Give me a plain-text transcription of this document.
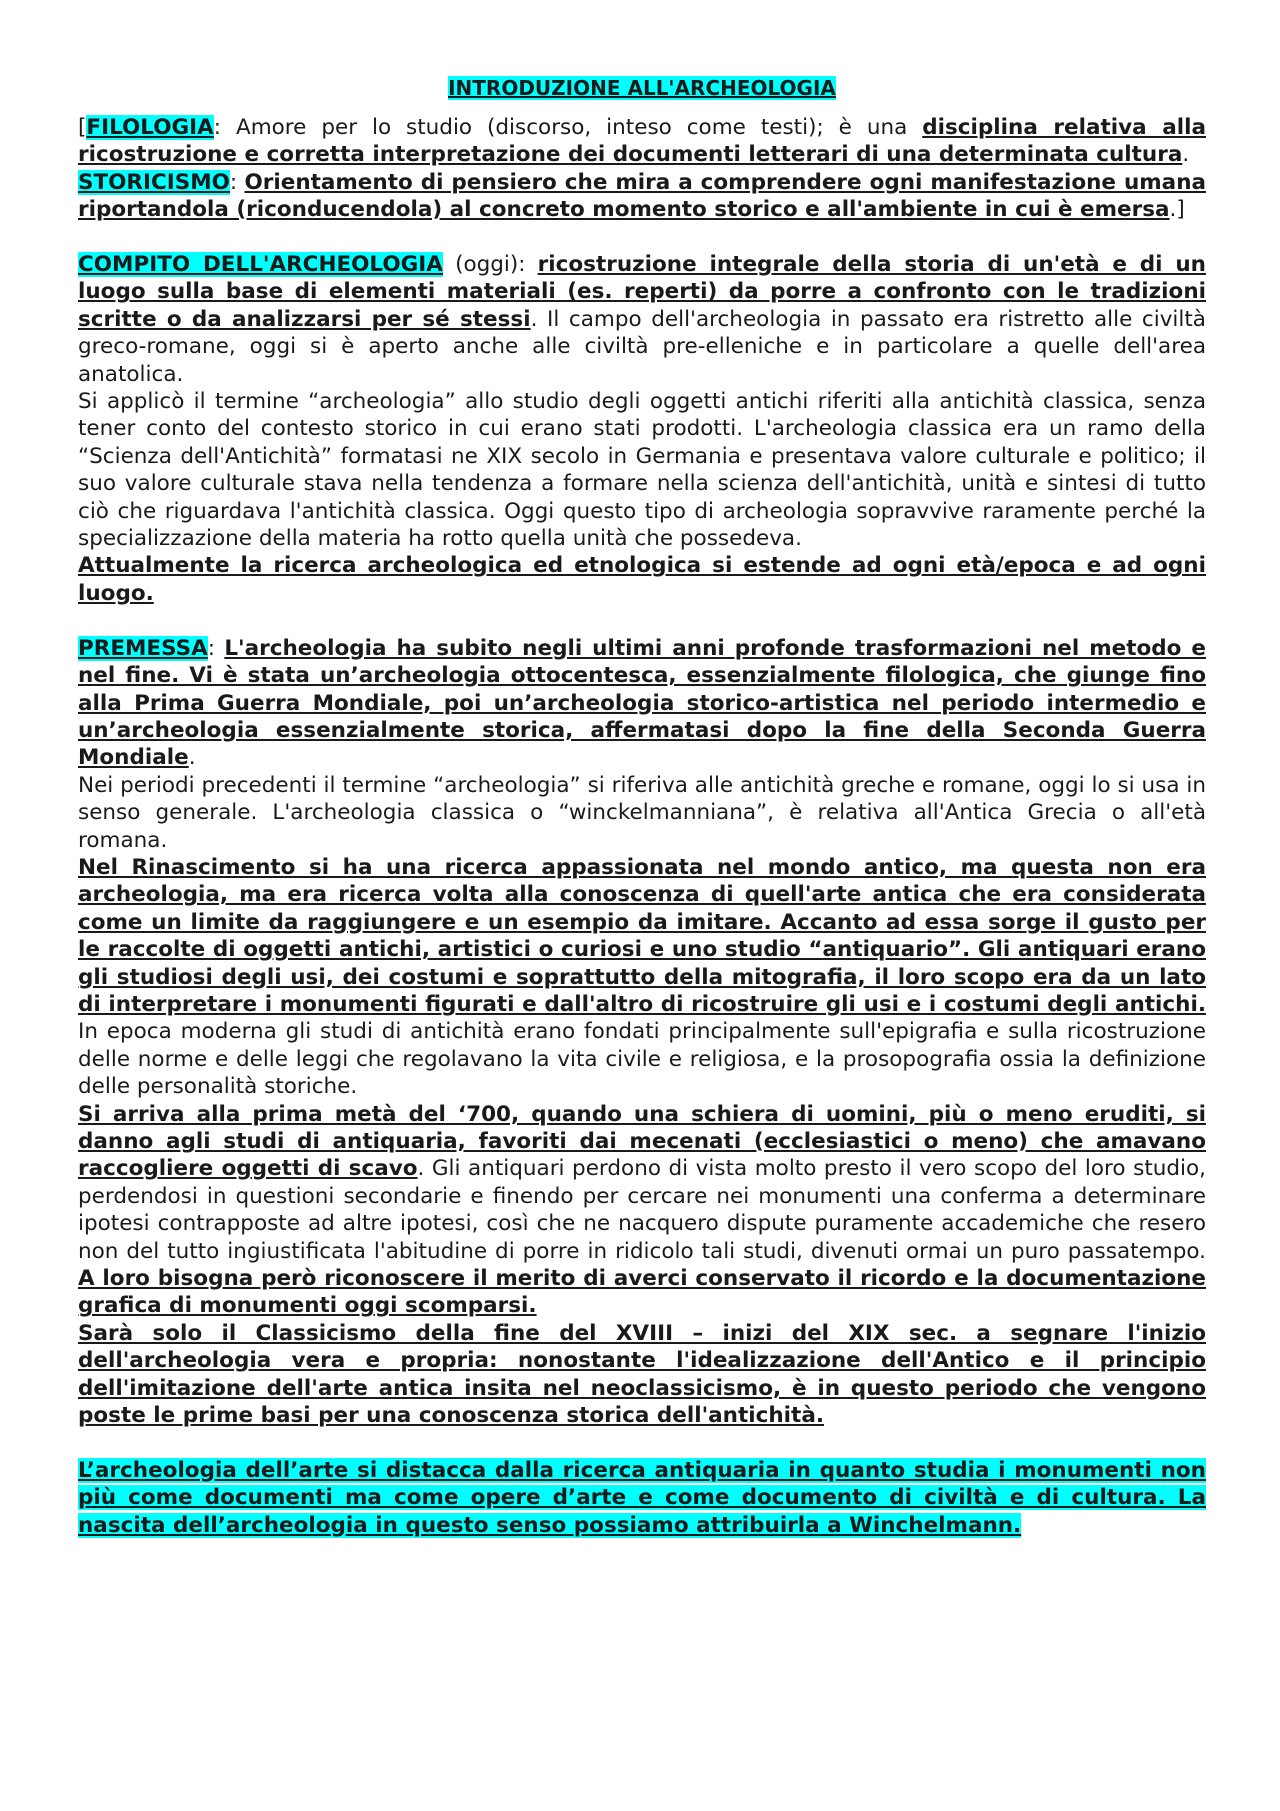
INTRODUZIONE ALL'ARCHEOLOGIA

[FILOLOGIA: Amore per lo studio (discorso, inteso come testi); è una disciplina relativa alla ricostruzione e corretta interpretazione dei documenti letterari di una determinata cultura.

STORICISMO: Orientamento di pensiero che mira a comprendere ogni manifestazione umana riportandola (riconducendola) al concreto momento storico e all'ambiente in cui è emersa.]

COMPITO DELL'ARCHEOLOGIA (oggi): ricostruzione integrale della storia di un'età e di un luogo sulla base di elementi materiali (es. reperti) da porre a confronto con le tradizioni scritte o da analizzarsi per sé stessi. Il campo dell'archeologia in passato era ristretto alle civiltà greco-romane, oggi si è aperto anche alle civiltà pre-elleniche e in particolare a quelle dell'area anatolica.

Si applicò il termine “archeologia” allo studio degli oggetti antichi riferiti alla antichità classica, senza tener conto del contesto storico in cui erano stati prodotti. L'archeologia classica era un ramo della “Scienza dell'Antichità” formatasi ne XIX secolo in Germania e presentava valore culturale e politico; il suo valore culturale stava nella tendenza a formare nella scienza dell'antichità, unità e sintesi di tutto ciò che riguardava l'antichità classica. Oggi questo tipo di archeologia sopravvive raramente perché la specializzazione della materia ha rotto quella unità che possedeva.

Attualmente la ricerca archeologica ed etnologica si estende ad ogni età/epoca e ad ogni luogo.

PREMESSA: L'archeologia ha subito negli ultimi anni profonde trasformazioni nel metodo e nel fine. Vi è stata un’archeologia ottocentesca, essenzialmente filologica, che giunge fino alla Prima Guerra Mondiale, poi un’archeologia storico-artistica nel periodo intermedio e un’archeologia essenzialmente storica, affermatasi dopo la fine della Seconda Guerra Mondiale.

Nei periodi precedenti il termine “archeologia” si riferiva alle antichità greche e romane, oggi lo si usa in senso generale. L'archeologia classica o “winckelmanniana”, è relativa all'Antica Grecia o all'età romana.

Nel Rinascimento si ha una ricerca appassionata nel mondo antico, ma questa non era archeologia, ma era ricerca volta alla conoscenza di quell'arte antica che era considerata come un limite da raggiungere e un esempio da imitare. Accanto ad essa sorge il gusto per le raccolte di oggetti antichi, artistici o curiosi e uno studio “antiquario”. Gli antiquari erano gli studiosi degli usi, dei costumi e soprattutto della mitografia, il loro scopo era da un lato di interpretare i monumenti figurati e dall'altro di ricostruire gli usi e i costumi degli antichi. In epoca moderna gli studi di antichità erano fondati principalmente sull'epigrafia e sulla ricostruzione delle norme e delle leggi che regolavano la vita civile e religiosa, e la prosopografia ossia la definizione delle personalità storiche.

Si arriva alla prima metà del ‘700, quando una schiera di uomini, più o meno eruditi, si danno agli studi di antiquaria, favoriti dai mecenati (ecclesiastici o meno) che amavano raccogliere oggetti di scavo. Gli antiquari perdono di vista molto presto il vero scopo del loro studio, perdendosi in questioni secondarie e finendo per cercare nei monumenti una conferma a determinare ipotesi contrapposte ad altre ipotesi, così che ne nacquero dispute puramente accademiche che resero non del tutto ingiustificata l'abitudine di porre in ridicolo tali studi, divenuti ormai un puro passatempo. A loro bisogna però riconoscere il merito di averci conservato il ricordo e la documentazione grafica di monumenti oggi scomparsi.

Sarà solo il Classicismo della fine del XVIII – inizi del XIX sec. a segnare l'inizio dell'archeologia vera e propria: nonostante l'idealizzazione dell'Antico e il principio dell'imitazione dell'arte antica insita nel neoclassicismo, è in questo periodo che vengono poste le prime basi per una conoscenza storica dell'antichità.

L’archeologia dell’arte si distacca dalla ricerca antiquaria in quanto studia i monumenti non più come documenti ma come opere d’arte e come documento di civiltà e di cultura. La nascita dell’archeologia in questo senso possiamo attribuirla a Winchelmann.
